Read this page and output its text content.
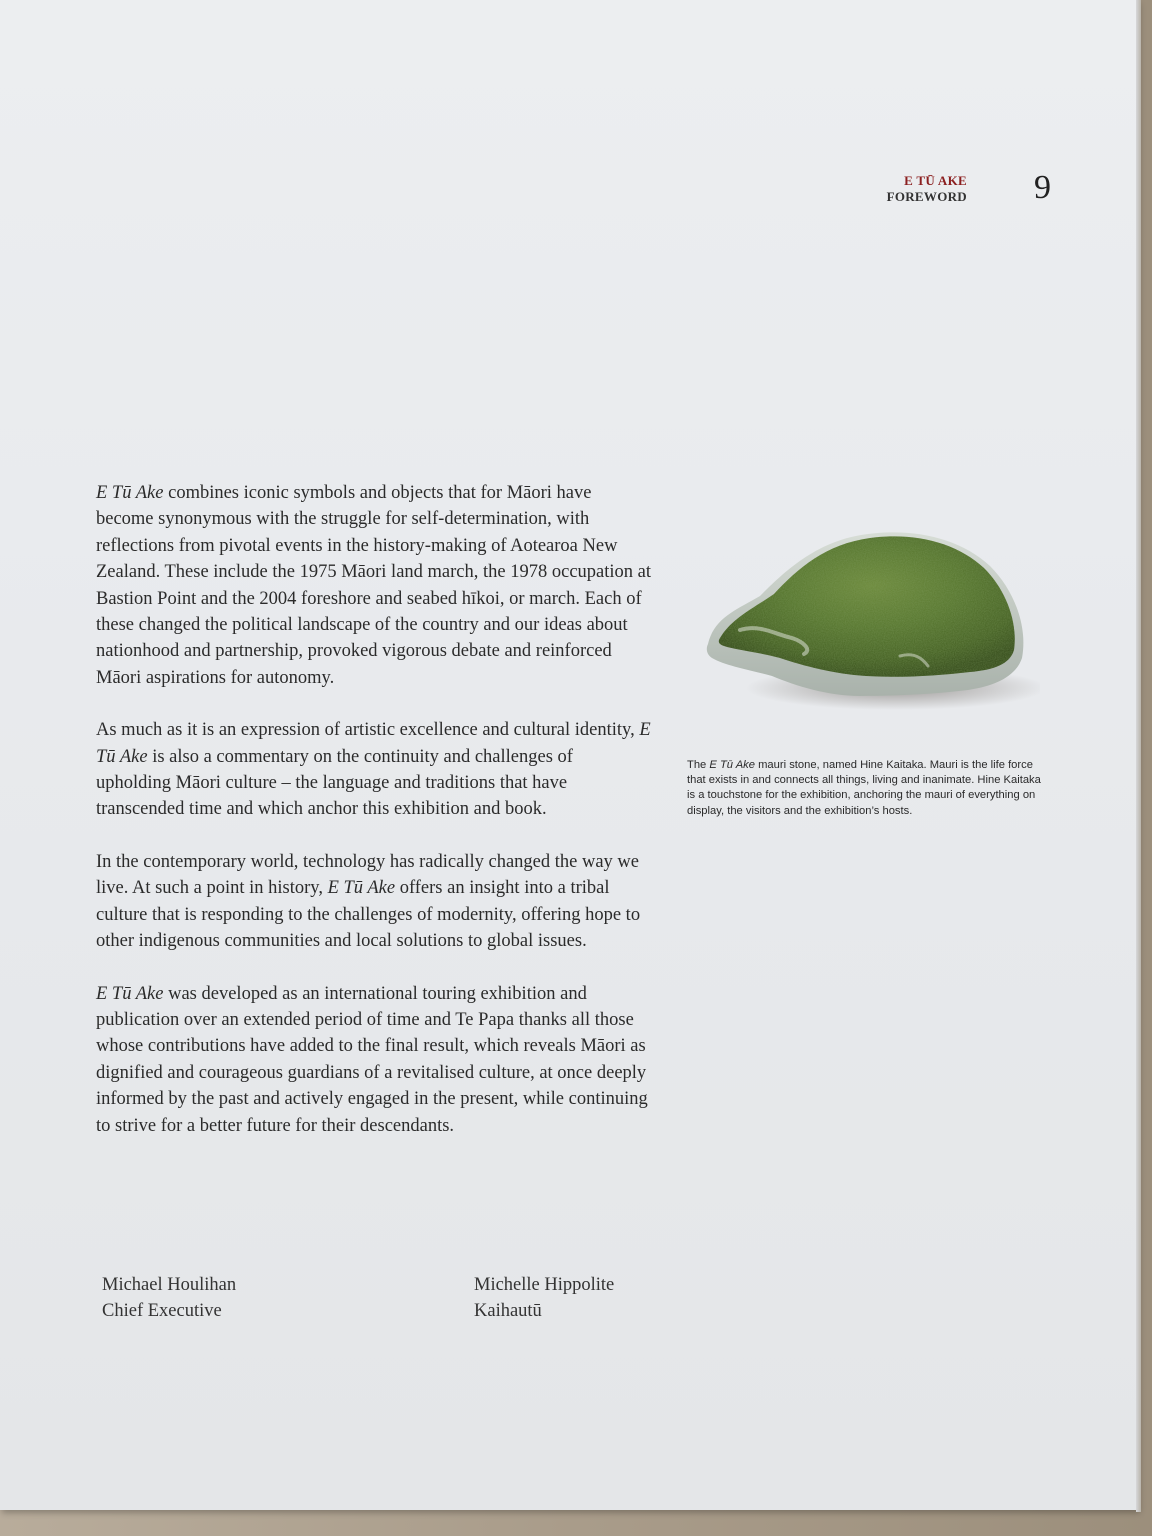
E TŪ AKE
FOREWORD 9

E Tū Ake combines iconic symbols and objects that for Māori have become synonymous with the struggle for self-determination, with reflections from pivotal events in the history-making of Aotearoa New Zealand. These include the 1975 Māori land march, the 1978 occupation at Bastion Point and the 2004 foreshore and seabed hīkoi, or march. Each of these changed the political landscape of the country and our ideas about nationhood and partnership, provoked vigorous debate and reinforced Māori aspirations for autonomy.

As much as it is an expression of artistic excellence and cultural identity, E Tū Ake is also a commentary on the continuity and challenges of upholding Māori culture – the language and traditions that have transcended time and which anchor this exhibition and book.

In the contemporary world, technology has radically changed the way we live. At such a point in history, E Tū Ake offers an insight into a tribal culture that is responding to the challenges of modernity, offering hope to other indigenous communities and local solutions to global issues.

E Tū Ake was developed as an international touring exhibition and publication over an extended period of time and Te Papa thanks all those whose contributions have added to the final result, which reveals Māori as dignified and courageous guardians of a revitalised culture, at once deeply informed by the past and actively engaged in the present, while continuing to strive for a better future for their descendants.

Michael Houlihan
Chief Executive
Michelle Hippolite
Kaihautū
The E Tū Ake mauri stone, named Hine Kaitaka. Mauri is the life force that exists in and connects all things, living and inanimate. Hine Kaitaka is a touchstone for the exhibition, anchoring the mauri of everything on display, the visitors and the exhibition’s hosts.
